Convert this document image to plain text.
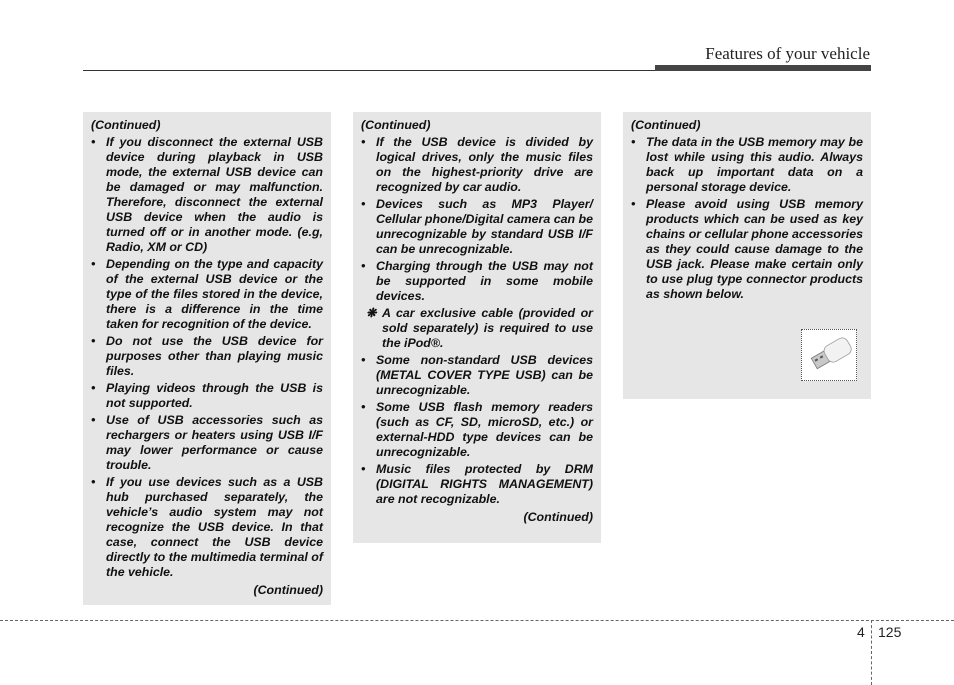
Features of your vehicle
(Continued)
• If you disconnect the external USB device during playback in USB mode, the external USB device can be damaged or may malfunction. Therefore, disconnect the external USB device when the audio is turned off or in another mode. (e.g, Radio, XM or CD)
• Depending on the type and capacity of the external USB device or the type of the files stored in the device, there is a difference in the time taken for recognition of the device.
• Do not use the USB device for purposes other than playing music files.
• Playing videos through the USB is not supported.
• Use of USB accessories such as rechargers or heaters using USB I/F may lower performance or cause trouble.
• If you use devices such as a USB hub purchased separately, the vehicle’s audio system may not recognize the USB device. In that case, connect the USB device directly to the multimedia terminal of the vehicle.
(Continued)
(Continued)
• If the USB device is divided by logical drives, only the music files on the highest-priority drive are recognized by car audio.
• Devices such as MP3 Player/ Cellular phone/Digital camera can be unrecognizable by standard USB I/F can be unrecognizable.
• Charging through the USB may not be supported in some mobile devices.
❋ A car exclusive cable (provided or sold separately) is required to use the iPod®.
• Some non-standard USB devices (METAL COVER TYPE USB) can be unrecognizable.
• Some USB flash memory readers (such as CF, SD, microSD, etc.) or external-HDD type devices can be unrecognizable.
• Music files protected by DRM (DIGITAL RIGHTS MANAGEMENT) are not recognizable.
(Continued)
(Continued)
• The data in the USB memory may be lost while using this audio. Always back up important data on a personal storage device.
• Please avoid using USB memory products which can be used as key chains or cellular phone accessories as they could cause damage to the USB jack. Please make certain only to use plug type connector products as shown below.
4 125
